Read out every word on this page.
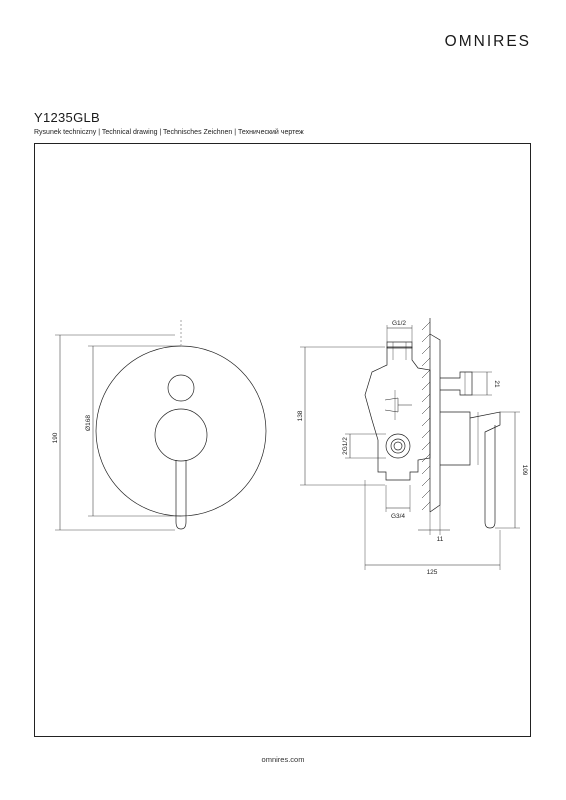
OMNIRES
Y1235GLB
Rysunek techniczny | Technical drawing | Technisches Zeichnen | Технический чертеж
190
Ø168	138
G1/2
2G1/2
G3/4
21
109
11
125
omnires.com
